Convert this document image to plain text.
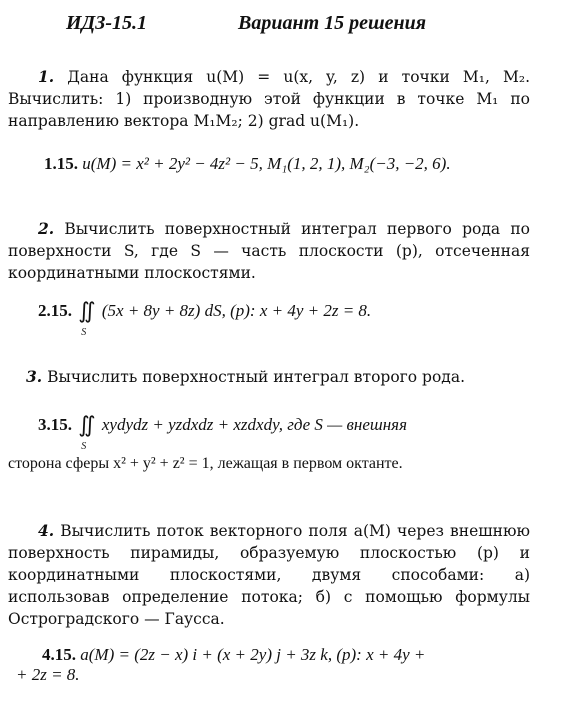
ИДЗ-15.1	Вариант 15 решения
1. Дана функция u(M) = u(x, y, z) и точки M₁, M₂. Вычислить: 1) производную этой функции в точке M₁ по направлению вектора M₁M₂; 2) grad u(M₁).
1.15. u(M) = x² + 2y² − 4z² − 5, M₁(1, 2, 1), M₂(−3, −2, 6).
2. Вычислить поверхностный интеграл первого рода по поверхности S, где S — часть плоскости (p), отсеченная координатными плоскостями.
2.15. ∬
S
(5x + 8y + 8z) dS, (p): x + 4y + 2z = 8.
3. Вычислить поверхностный интеграл второго рода.
3.15. ∬
S
xydydz + yzdxdz + xzdxdy, где S — внешняя
сторона сферы x² + y² + z² = 1, лежащая в первом октанте.
4. Вычислить поток векторного поля a(M) через внешнюю поверхность пирамиды, образуемую плоскостью (p) и координатными плоскостями, двумя способами: а) использовав определение потока; б) с помощью формулы Остроградского — Гаусса.
4.15. a(M) = (2z − x) i + (x + 2y) j + 3z k, (p): x + 4y +
+ 2z = 8.
